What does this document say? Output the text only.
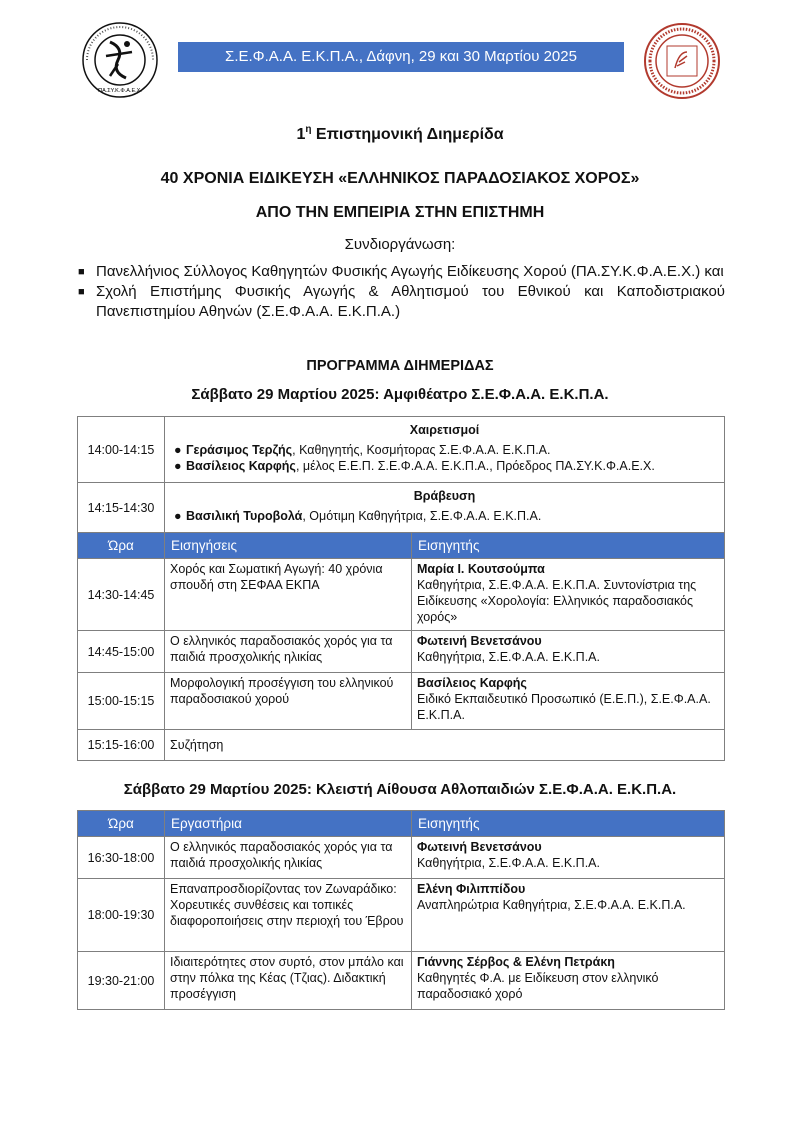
ΠΑ.ΣΥ.Κ.Φ.Α.Ε.Χ.
Σ.Ε.Φ.Α.Α. Ε.Κ.Π.Α., Δάφνη, 29 και 30 Μαρτίου 2025
$1^\eta$ Επιστημονική Διημερίδα
40 ΧΡΟΝΙΑ ΕΙΔΙΚΕΥΣΗ «ΕΛΛΗΝΙΚΟΣ ΠΑΡΑΔΟΣΙΑΚΟΣ ΧΟΡΟΣ»
ΑΠΟ ΤΗΝ ΕΜΠΕΙΡΙΑ ΣΤΗΝ ΕΠΙΣΤΗΜΗ
Συνδιοργάνωση:
■ Πανελλήνιος Σύλλογος Καθηγητών Φυσικής Αγωγής Ειδίκευσης Χορού (ΠΑ.ΣΥ.Κ.Φ.Α.Ε.Χ.) και
■ Σχολή Επιστήμης Φυσικής Αγωγής & Αθλητισμού του Εθνικού και Καποδιστριακού Πανεπιστημίου Αθηνών (Σ.Ε.Φ.Α.Α. Ε.Κ.Π.Α.)
ΠΡΟΓΡΑΜΜΑ ΔΙΗΜΕΡΙΔΑΣ
Σάββατο 29 Μαρτίου 2025: Αμφιθέατρο Σ.Ε.Φ.Α.Α. Ε.Κ.Π.Α.
14:00-14:15	Χαιρετισμοί
● Γεράσιμος Τερζής, Καθηγητής, Κοσμήτορας Σ.Ε.Φ.Α.Α. Ε.Κ.Π.Α.
● Βασίλειος Καρφής, μέλος Ε.Ε.Π. Σ.Ε.Φ.Α.Α. Ε.Κ.Π.Α., Πρόεδρος ΠΑ.ΣΥ.Κ.Φ.Α.Ε.Χ.	

14:15-14:30	Βράβευση
● Βασιλική Τυροβολά, Ομότιμη Καθηγήτρια, Σ.Ε.Φ.Α.Α. Ε.Κ.Π.Α.	

Ώρα	Εισηγήσεις	Εισηγητής
14:30-14:45	Χορός και Σωματική Αγωγή: 40 χρόνια σπουδή στη ΣΕΦΑΑ ΕΚΠΑ	Μαρία Ι. Κουτσούμπα
Καθηγήτρια, Σ.Ε.Φ.Α.Α. Ε.Κ.Π.Α. Συντονίστρια της Ειδίκευσης «Χορολογία: Ελληνικός παραδοσιακός χορός»
14:45-15:00	Ο ελληνικός παραδοσιακός χορός για τα παιδιά προσχολικής ηλικίας	Φωτεινή Βενετσάνου
Καθηγήτρια, Σ.Ε.Φ.Α.Α. Ε.Κ.Π.Α.
15:00-15:15	Μορφολογική προσέγγιση του ελληνικού παραδοσιακού χορού	Βασίλειος Καρφής
Ειδικό Εκπαιδευτικό Προσωπικό (Ε.Ε.Π.), Σ.Ε.Φ.Α.Α. Ε.Κ.Π.Α.
15:15-16:00	Συζήτηση	
Σάββατο 29 Μαρτίου 2025: Κλειστή Αίθουσα Αθλοπαιδιών Σ.Ε.Φ.Α.Α. Ε.Κ.Π.Α.
Ώρα	Εργαστήρια	Εισηγητής
16:30-18:00	Ο ελληνικός παραδοσιακός χορός για τα παιδιά προσχολικής ηλικίας	Φωτεινή Βενετσάνου
Καθηγήτρια, Σ.Ε.Φ.Α.Α. Ε.Κ.Π.Α.
18:00-19:30	Επαναπροσδιορίζοντας τον Ζωναράδικο: Χορευτικές συνθέσεις και τοπικές διαφοροποιήσεις στην περιοχή του Έβρου	Ελένη Φιλιππίδου
Αναπληρώτρια Καθηγήτρια, Σ.Ε.Φ.Α.Α. Ε.Κ.Π.Α.
19:30-21:00	Ιδιαιτερότητες στον συρτό, στον μπάλο και στην πόλκα της Κέας (Τζιας). Διδακτική προσέγγιση	Γιάννης Σέρβος & Ελένη Πετράκη
Καθηγητές Φ.Α. με Ειδίκευση στον ελληνικό παραδοσιακό χορό
